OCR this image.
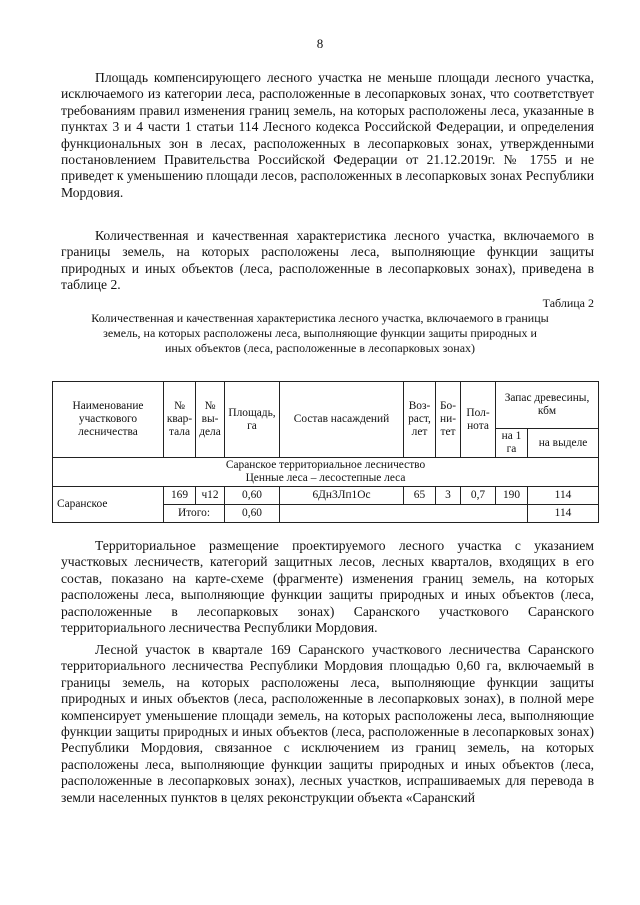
8

Площадь компенсирующего лесного участка не меньше площади лесного участка, исключаемого из категории леса, расположенные в лесопарковых зонах, что соответствует требованиям правил изменения границ земель, на которых расположены леса, указанные в пунктах 3 и 4 части 1 статьи 114 Лесного кодекса Российской Федерации, и определения функциональных зон в лесах, расположенных в лесопарковых зонах, утвержденными постановлением Правительства Российской Федерации от 21.12.2019г. № 1755 и не приведет к уменьшению площади лесов, расположенных в лесопарковых зонах Республики Мордовия.

Количественная и качественная характеристика лесного участка, включаемого в границы земель, на которых расположены леса, выполняющие функции защиты природных и иных объектов (леса, расположенные в лесопарковых зонах), приведена в таблице 2.

Таблица 2

Количественная и качественная характеристика лесного участка, включаемого в границы земель, на которых расположены леса, выполняющие функции защиты природных и иных объектов (леса, расположенные в лесопарковых зонах)

Наименование участкового лесничества	№ квар-тала	№ вы-дела	Площадь, га	Состав насаждений	Воз-раст, лет	Бо-ни-тет	Пол-нота	Запас древесины, кбм	
								на 1 га	на выделе

Саранское территориальное лесничество
Ценные леса – лесостепные леса									

Саранское	169	ч12	0,60	6Дн3Лп1Ос	65	3	0,7	190	114
	Итого:		0,60						114

Территориальное размещение проектируемого лесного участка с указанием участковых лесничеств, категорий защитных лесов, лесных кварталов, входящих в его состав, показано на карте-схеме (фрагменте) изменения границ земель, на которых расположены леса, выполняющие функции защиты природных и иных объектов (леса, расположенные в лесопарковых зонах) Саранского участкового Саранского территориального лесничества Республики Мордовия.

Лесной участок в квартале 169 Саранского участкового лесничества Саранского территориального лесничества Республики Мордовия площадью 0,60 га, включаемый в границы земель, на которых расположены леса, выполняющие функции защиты природных и иных объектов (леса, расположенные в лесопарковых зонах), в полной мере компенсирует уменьшение площади земель, на которых расположены леса, выполняющие функции защиты природных и иных объектов (леса, расположенные в лесопарковых зонах) Республики Мордовия, связанное с исключением из границ земель, на которых расположены леса, выполняющие функции защиты природных и иных объектов (леса, расположенные в лесопарковых зонах), лесных участков, испрашиваемых для перевода в земли населенных пунктов в целях реконструкции объекта «Саранский
